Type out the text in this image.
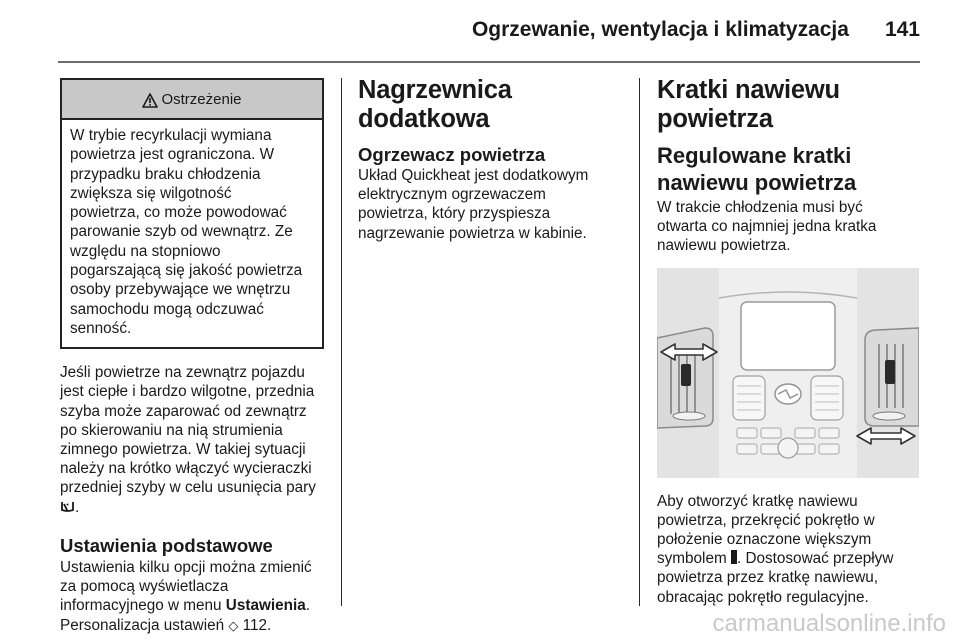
Ogrzewanie, wentylacja i klimatyzacja 141
Ostrzeżenie
W trybie recyrkulacji wymiana
powietrza jest ograniczona. W
przypadku braku chłodzenia
zwiększa się wilgotność
powietrza, co może powodować
parowanie szyb od wewnątrz. Ze
względu na stopniowo
pogarszającą się jakość powietrza
osoby przebywające we wnętrzu
samochodu mogą odczuwać
senność.
Jeśli powietrze na zewnątrz pojazdu
jest ciepłe i bardzo wilgotne, przednia
szyba może zaparować od zewnątrz
po skierowaniu na nią strumienia
zimnego powietrza. W takiej sytuacji
należy na krótko włączyć wycieraczki
przedniej szyby w celu usunięcia pary
.
Ustawienia podstawowe
Ustawienia kilku opcji można zmienić
za pomocą wyświetlacza
informacyjnego w menu Ustawienia.
Personalizacja ustawień ◇ 112.
Nagrzewnica dodatkowa
Ogrzewacz powietrza
Układ Quickheat jest dodatkowym
elektrycznym ogrzewaczem
powietrza, który przyspiesza
nagrzewanie powietrza w kabinie.
Kratki nawiewu
powietrza
Regulowane kratki
nawiewu powietrza
W trakcie chłodzenia musi być
otwarta co najmniej jedna kratka
nawiewu powietrza.
Aby otworzyć kratkę nawiewu
powietrza, przekręcić pokrętło w
położenie oznaczone większym
symbolem . Dostosować przepływ
powietrza przez kratkę nawiewu,
obracając pokrętło regulacyjne.
carmanualsonline.info
